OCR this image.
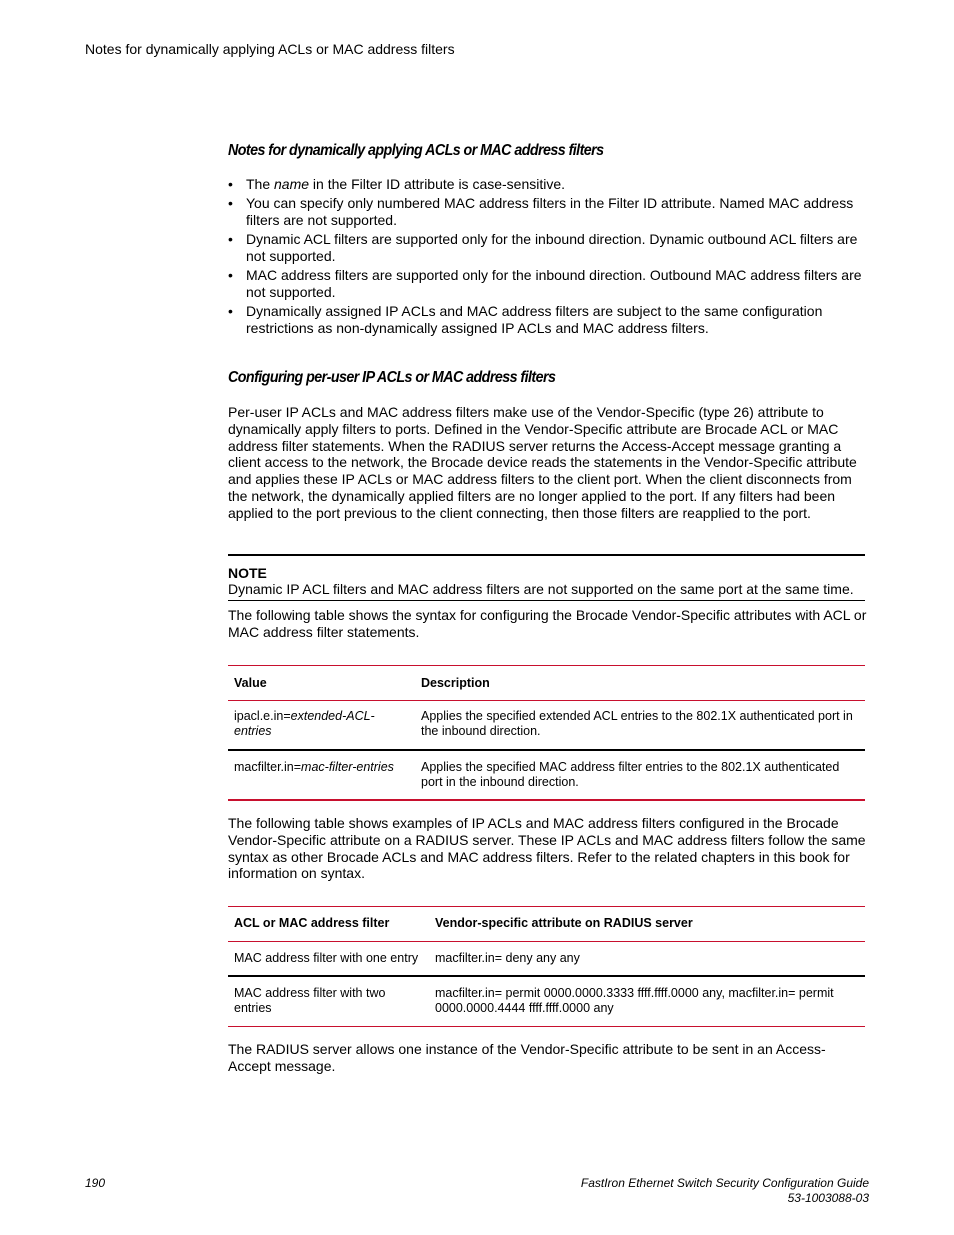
Notes for dynamically applying ACLs or MAC address filters
Notes for dynamically applying ACLs or MAC address filters
• The name in the Filter ID attribute is case-sensitive.
• You can specify only numbered MAC address filters in the Filter ID attribute. Named MAC address filters are not supported.
• Dynamic ACL filters are supported only for the inbound direction. Dynamic outbound ACL filters are not supported.
• MAC address filters are supported only for the inbound direction. Outbound MAC address filters are not supported.
• Dynamically assigned IP ACLs and MAC address filters are subject to the same configuration restrictions as non-dynamically assigned IP ACLs and MAC address filters.
Configuring per-user IP ACLs or MAC address filters

Per-user IP ACLs and MAC address filters make use of the Vendor-Specific (type 26) attribute to dynamically apply filters to ports. Defined in the Vendor-Specific attribute are Brocade ACL or MAC address filter statements. When the RADIUS server returns the Access-Accept message granting a client access to the network, the Brocade device reads the statements in the Vendor-Specific attribute and applies these IP ACLs or MAC address filters to the client port. When the client disconnects from the network, the dynamically applied filters are no longer applied to the port. If any filters had been applied to the port previous to the client connecting, then those filters are reapplied to the port.

NOTE
Dynamic IP ACL filters and MAC address filters are not supported on the same port at the same time.

The following table shows the syntax for configuring the Brocade Vendor-Specific attributes with ACL or MAC address filter statements.

Value	Description
ipacl.e.in=extended-ACL-entries	Applies the specified extended ACL entries to the 802.1X authenticated port in the inbound direction.
macfilter.in=mac-filter-entries	Applies the specified MAC address filter entries to the 802.1X authenticated port in the inbound direction.

The following table shows examples of IP ACLs and MAC address filters configured in the Brocade Vendor-Specific attribute on a RADIUS server. These IP ACLs and MAC address filters follow the same syntax as other Brocade ACLs and MAC address filters. Refer to the related chapters in this book for information on syntax.

ACL or MAC address filter	Vendor-specific attribute on RADIUS server
MAC address filter with one entry	macfilter.in= deny any any
MAC address filter with two entries	macfilter.in= permit 0000.0000.3333 ffff.ffff.0000 any, macfilter.in= permit 0000.0000.4444 ffff.ffff.0000 any

The RADIUS server allows one instance of the Vendor-Specific attribute to be sent in an Access-Accept message.

190	FastIron Ethernet Switch Security Configuration Guide
53-1003088-03
